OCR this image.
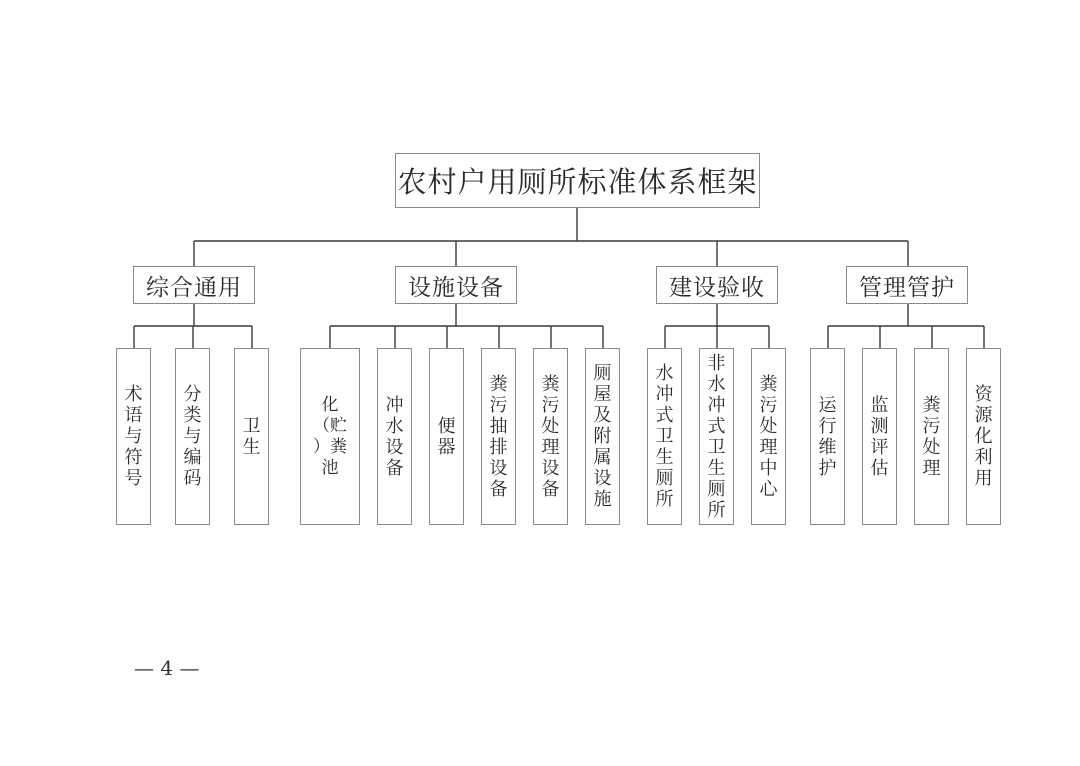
农村户用厕所标准体系框架
综合通用	设施设备	建设验收	管理管护
术语与符号
分类与编码
卫生
化（贮）粪池
冲水设备
便器
粪污抽排设备
粪污处理设备
厕屋及附属设施
水冲式卫生厕所
非水冲式卫生厕所
粪污处理中心
运行维护
监测评估
粪污处理
资源化利用
— 4 —
